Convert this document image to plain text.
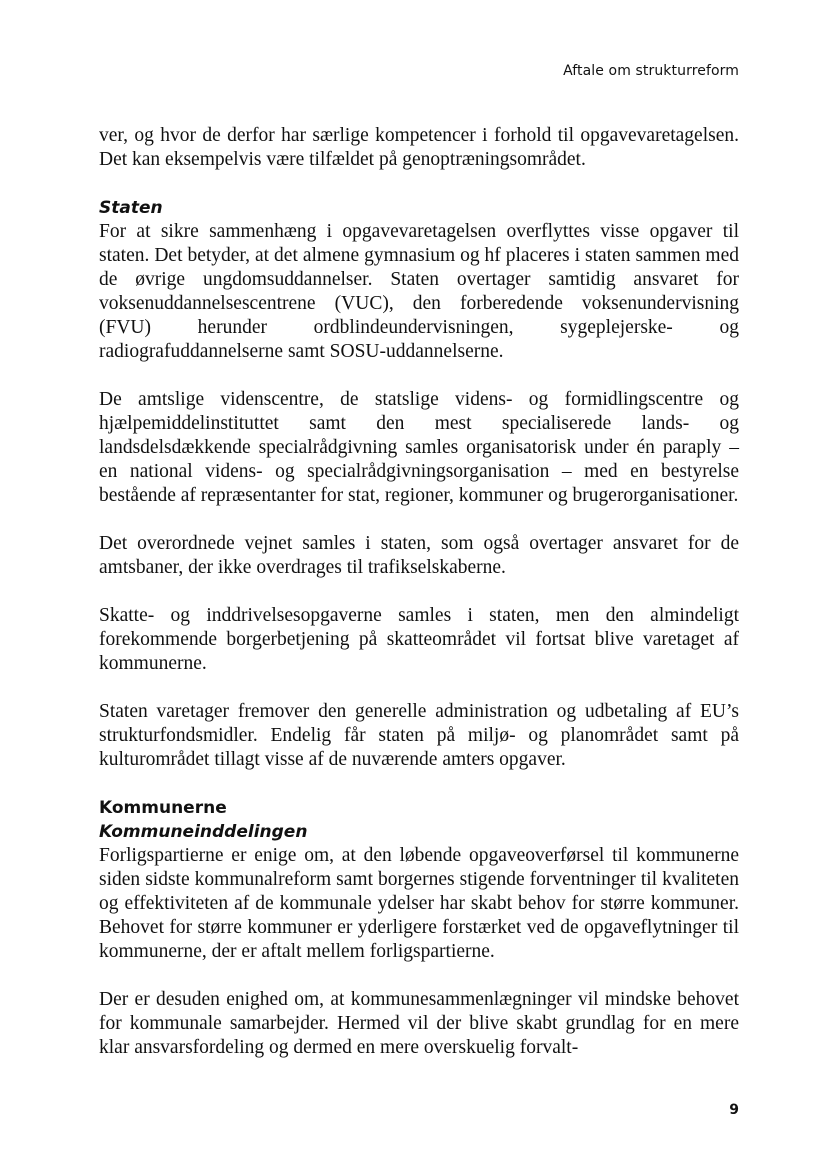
Aftale om strukturreform

ver, og hvor de derfor har særlige kompetencer i forhold til opgavevaretagelsen. Det kan eksempelvis være tilfældet på genoptræningsområdet.

Staten

For at sikre sammenhæng i opgavevaretagelsen overflyttes visse opgaver til staten. Det betyder, at det almene gymnasium og hf placeres i staten sammen med de øvrige ungdomsuddannelser. Staten overtager samtidig ansvaret for voksenuddannelsescentrene (VUC), den forberedende voksenundervisning (FVU) herunder ordblindeundervisningen, sygeplejerske- og radiografuddannelserne samt SOSU-uddannelserne.

De amtslige videnscentre, de statslige videns- og formidlingscentre og hjælpemiddelinstituttet samt den mest specialiserede lands- og landsdelsdækkende specialrådgivning samles organisatorisk under én paraply – en national videns- og specialrådgivningsorganisation – med en bestyrelse bestående af repræsentanter for stat, regioner, kommuner og brugerorganisationer.

Det overordnede vejnet samles i staten, som også overtager ansvaret for de amtsbaner, der ikke overdrages til trafikselskaberne.

Skatte- og inddrivelsesopgaverne samles i staten, men den almindeligt forekommende borgerbetjening på skatteområdet vil fortsat blive varetaget af kommunerne.

Staten varetager fremover den generelle administration og udbetaling af EU’s strukturfondsmidler. Endelig får staten på miljø- og planområdet samt på kulturområdet tillagt visse af de nuværende amters opgaver.

Kommunerne
Kommuneinddelingen

Forligspartierne er enige om, at den løbende opgaveoverførsel til kommunerne siden sidste kommunalreform samt borgernes stigende forventninger til kvaliteten og effektiviteten af de kommunale ydelser har skabt behov for større kommuner. Behovet for større kommuner er yderligere forstærket ved de opgaveflytninger til kommunerne, der er aftalt mellem forligspartierne.

Der er desuden enighed om, at kommunesammenlægninger vil mindske behovet for kommunale samarbejder. Hermed vil der blive skabt grundlag for en mere klar ansvarsfordeling og dermed en mere overskuelig forvalt-

9
